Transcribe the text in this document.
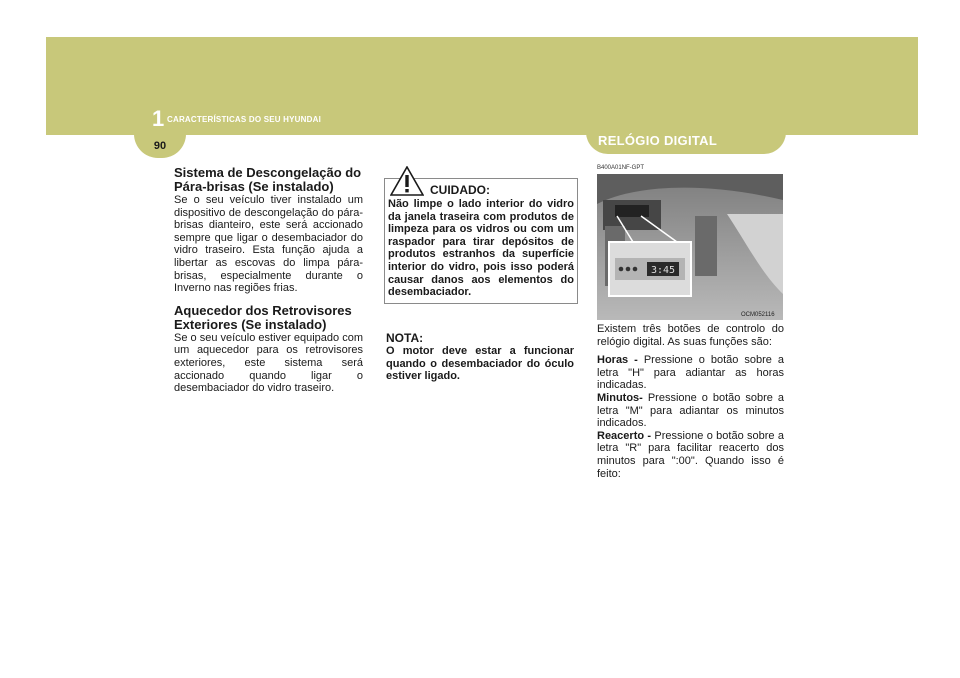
1 CARACTERÍSTICAS DO SEU HYUNDAI
90	RELÓGIO DIGITAL
Sistema de Descongelação do Pára-brisas (Se instalado)

Se o seu veículo tiver instalado um dispositivo de descongelação do pára-brisas dianteiro, este será accionado sempre que ligar o desembaciador do vidro traseiro. Esta função ajuda a libertar as escovas do limpa pára-brisas, especialmente durante o Inverno nas regiões frias.

Aquecedor dos Retrovisores Exteriores (Se instalado)

Se o seu veículo estiver equipado com um aquecedor para os retrovisores exteriores, este sistema será accionado quando ligar o desembaciador do vidro traseiro.

CUIDADO:
Não limpe o lado interior do vidro da janela traseira com produtos de limpeza para os vidros ou com um raspador para tirar depósitos de produtos estranhos da superfície interior do vidro, pois isso poderá causar danos aos elementos do desembaciador.
NOTA:
O motor deve estar a funcionar quando o desembaciador do óculo estiver ligado.
B400A01NF-GPT
3:45
OCM052116

Existem três botões de controlo do relógio digital. As suas funções são:

Horas - Pressione o botão sobre a letra "H" para adiantar as horas indicadas.

Minutos- Pressione o botão sobre a letra "M" para adiantar os minutos indicados.

Reacerto - Pressione o botão sobre a letra "R" para facilitar reacerto dos minutos para ":00". Quando isso é feito:
